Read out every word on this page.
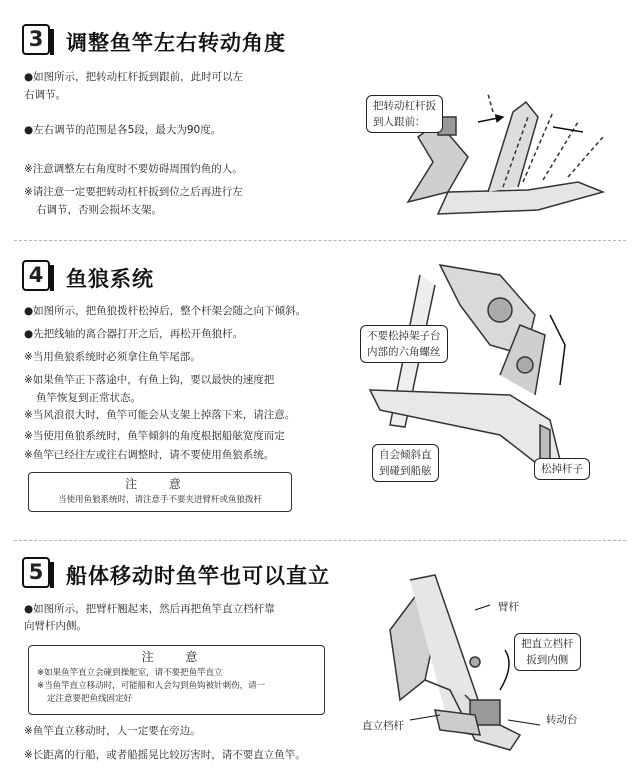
3	调整鱼竿左右转动角度
●如图所示，把转动杠杆扳到跟前，此时可以左
右调节。
●左右调节的范围是各5段，最大为90度。
※注意调整左右角度时不要妨碍周围钓鱼的人。
※请注意一定要把转动杠杆扳到位之后再进行左
右调节，否则会损坏支架。
把转动杠杆扳
到人跟前：
4	鱼狼系统
●如图所示，把鱼狼拨杆松掉后，整个杆架会随之向下倾斜。
●先把线轴的离合器打开之后，再松开鱼狼杆。
※当用鱼狼系统时必须拿住鱼竿尾部。
※如果鱼竿正下落途中，有鱼上钩，要以最快的速度把
鱼竿恢复到正常状态。
※当风浪很大时，鱼竿可能会从支架上掉落下来，请注意。
※当使用鱼狼系统时，鱼竿倾斜的角度根据船舷宽度而定
※鱼竿已经往左或往右调整时，请不要使用鱼狼系统。
注 意
当使用鱼狼系统时，请注意手不要夹进臂杆或鱼狼拨杆
不要松掉架子台
内部的六角螺丝
自会倾斜直
到碰到船舷	松掉杆子
5	船体移动时鱼竿也可以直立
●如图所示，把臂杆翘起来，然后再把鱼竿直立档杆靠
向臂杆内侧。
注 意
※如果鱼竿直立会碰到操舵室，请不要把鱼竿直立
※当鱼竿直立移动时，可能船和人会勾到鱼钩被针刺伤，请一
定注意要把鱼线固定好
※鱼竿直立移动时，人一定要在旁边。
※长距离的行船，或者船摇晃比较厉害时，请不要直立鱼竿。
臂杆
把直立档杆
扳到内侧
直立档杆	转动台
